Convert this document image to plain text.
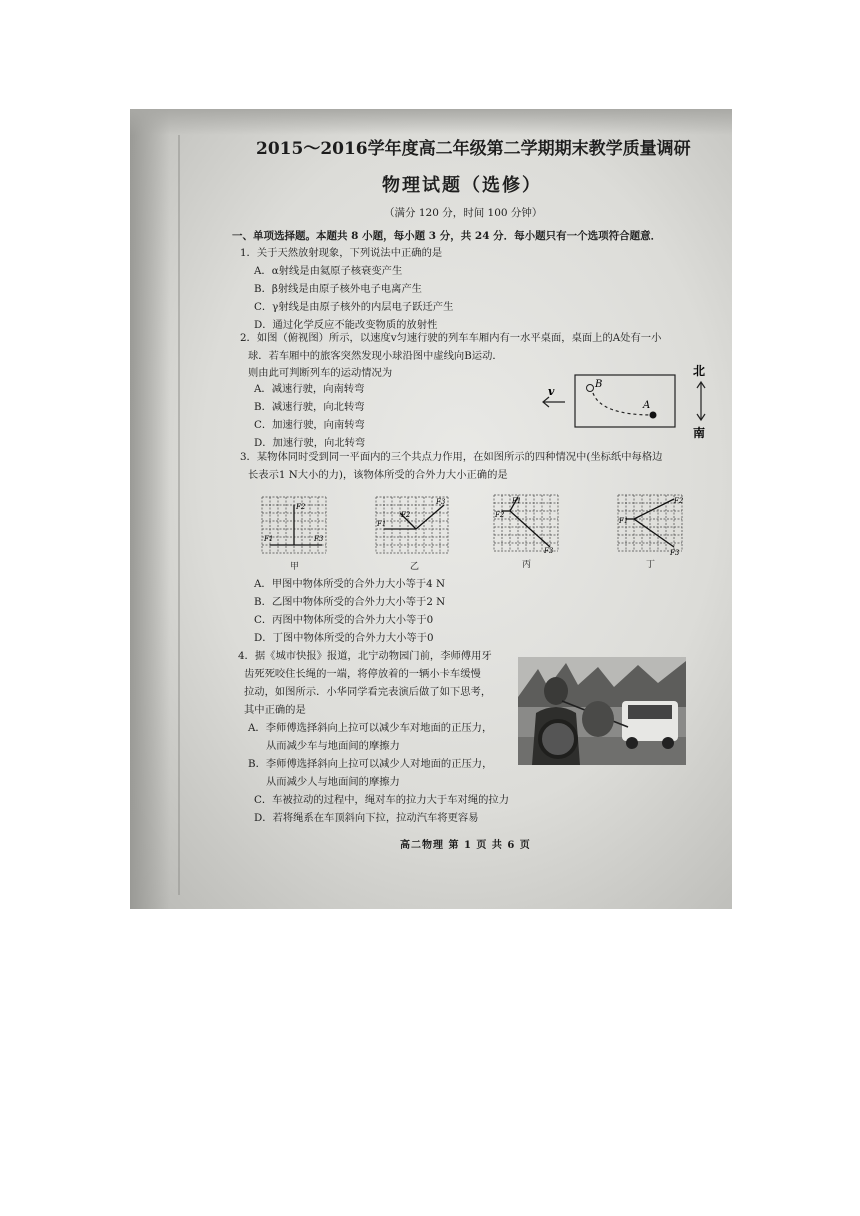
2015～2016学年度高二年级第二学期期末教学质量调研
物理试题（选修）
（满分 120 分，时间 100 分钟）
一、单项选择题。本题共 8 小题，每小题 3 分，共 24 分．每小题只有一个选项符合题意．
1．关于天然放射现象，下列说法中正确的是
A．α射线是由氦原子核衰变产生
B．β射线是由原子核外电子电离产生
C．γ射线是由原子核外的内层电子跃迁产生
D．通过化学反应不能改变物质的放射性
2．如图（俯视图）所示，以速度v匀速行驶的列车车厢内有一水平桌面，桌面上的A处有一小
球．若车厢中的旅客突然发现小球沿图中虚线向B运动．
则由此可判断列车的运动情况为
A．减速行驶，向南转弯
B．减速行驶，向北转弯
C．加速行驶，向南转弯
D．加速行驶，向北转弯
v
B
A
北
南
3．某物体同时受到同一平面内的三个共点力作用，在如图所示的四种情况中(坐标纸中每格边
长表示1 N大小的力)，该物体所受的合外力大小正确的是
F1
F2
F3
甲
F1
F2
F3
乙
F1
F2
F3
丙
F1
F2
F3
丁
A．甲图中物体所受的合外力大小等于4 N
B．乙图中物体所受的合外力大小等于2 N
C．丙图中物体所受的合外力大小等于0
D．丁图中物体所受的合外力大小等于0
4．据《城市快报》报道，北宁动物园门前，李师傅用牙
齿死死咬住长绳的一端，将停放着的一辆小卡车缓慢
拉动，如图所示．小华同学看完表演后做了如下思考，
其中正确的是
A．李师傅选择斜向上拉可以减少车对地面的正压力，
从而减少车与地面间的摩擦力
B．李师傅选择斜向上拉可以减少人对地面的正压力，
从而减少人与地面间的摩擦力
C．车被拉动的过程中，绳对车的拉力大于车对绳的拉力
D．若将绳系在车顶斜向下拉，拉动汽车将更容易
高二物理 第 1 页 共 6 页
